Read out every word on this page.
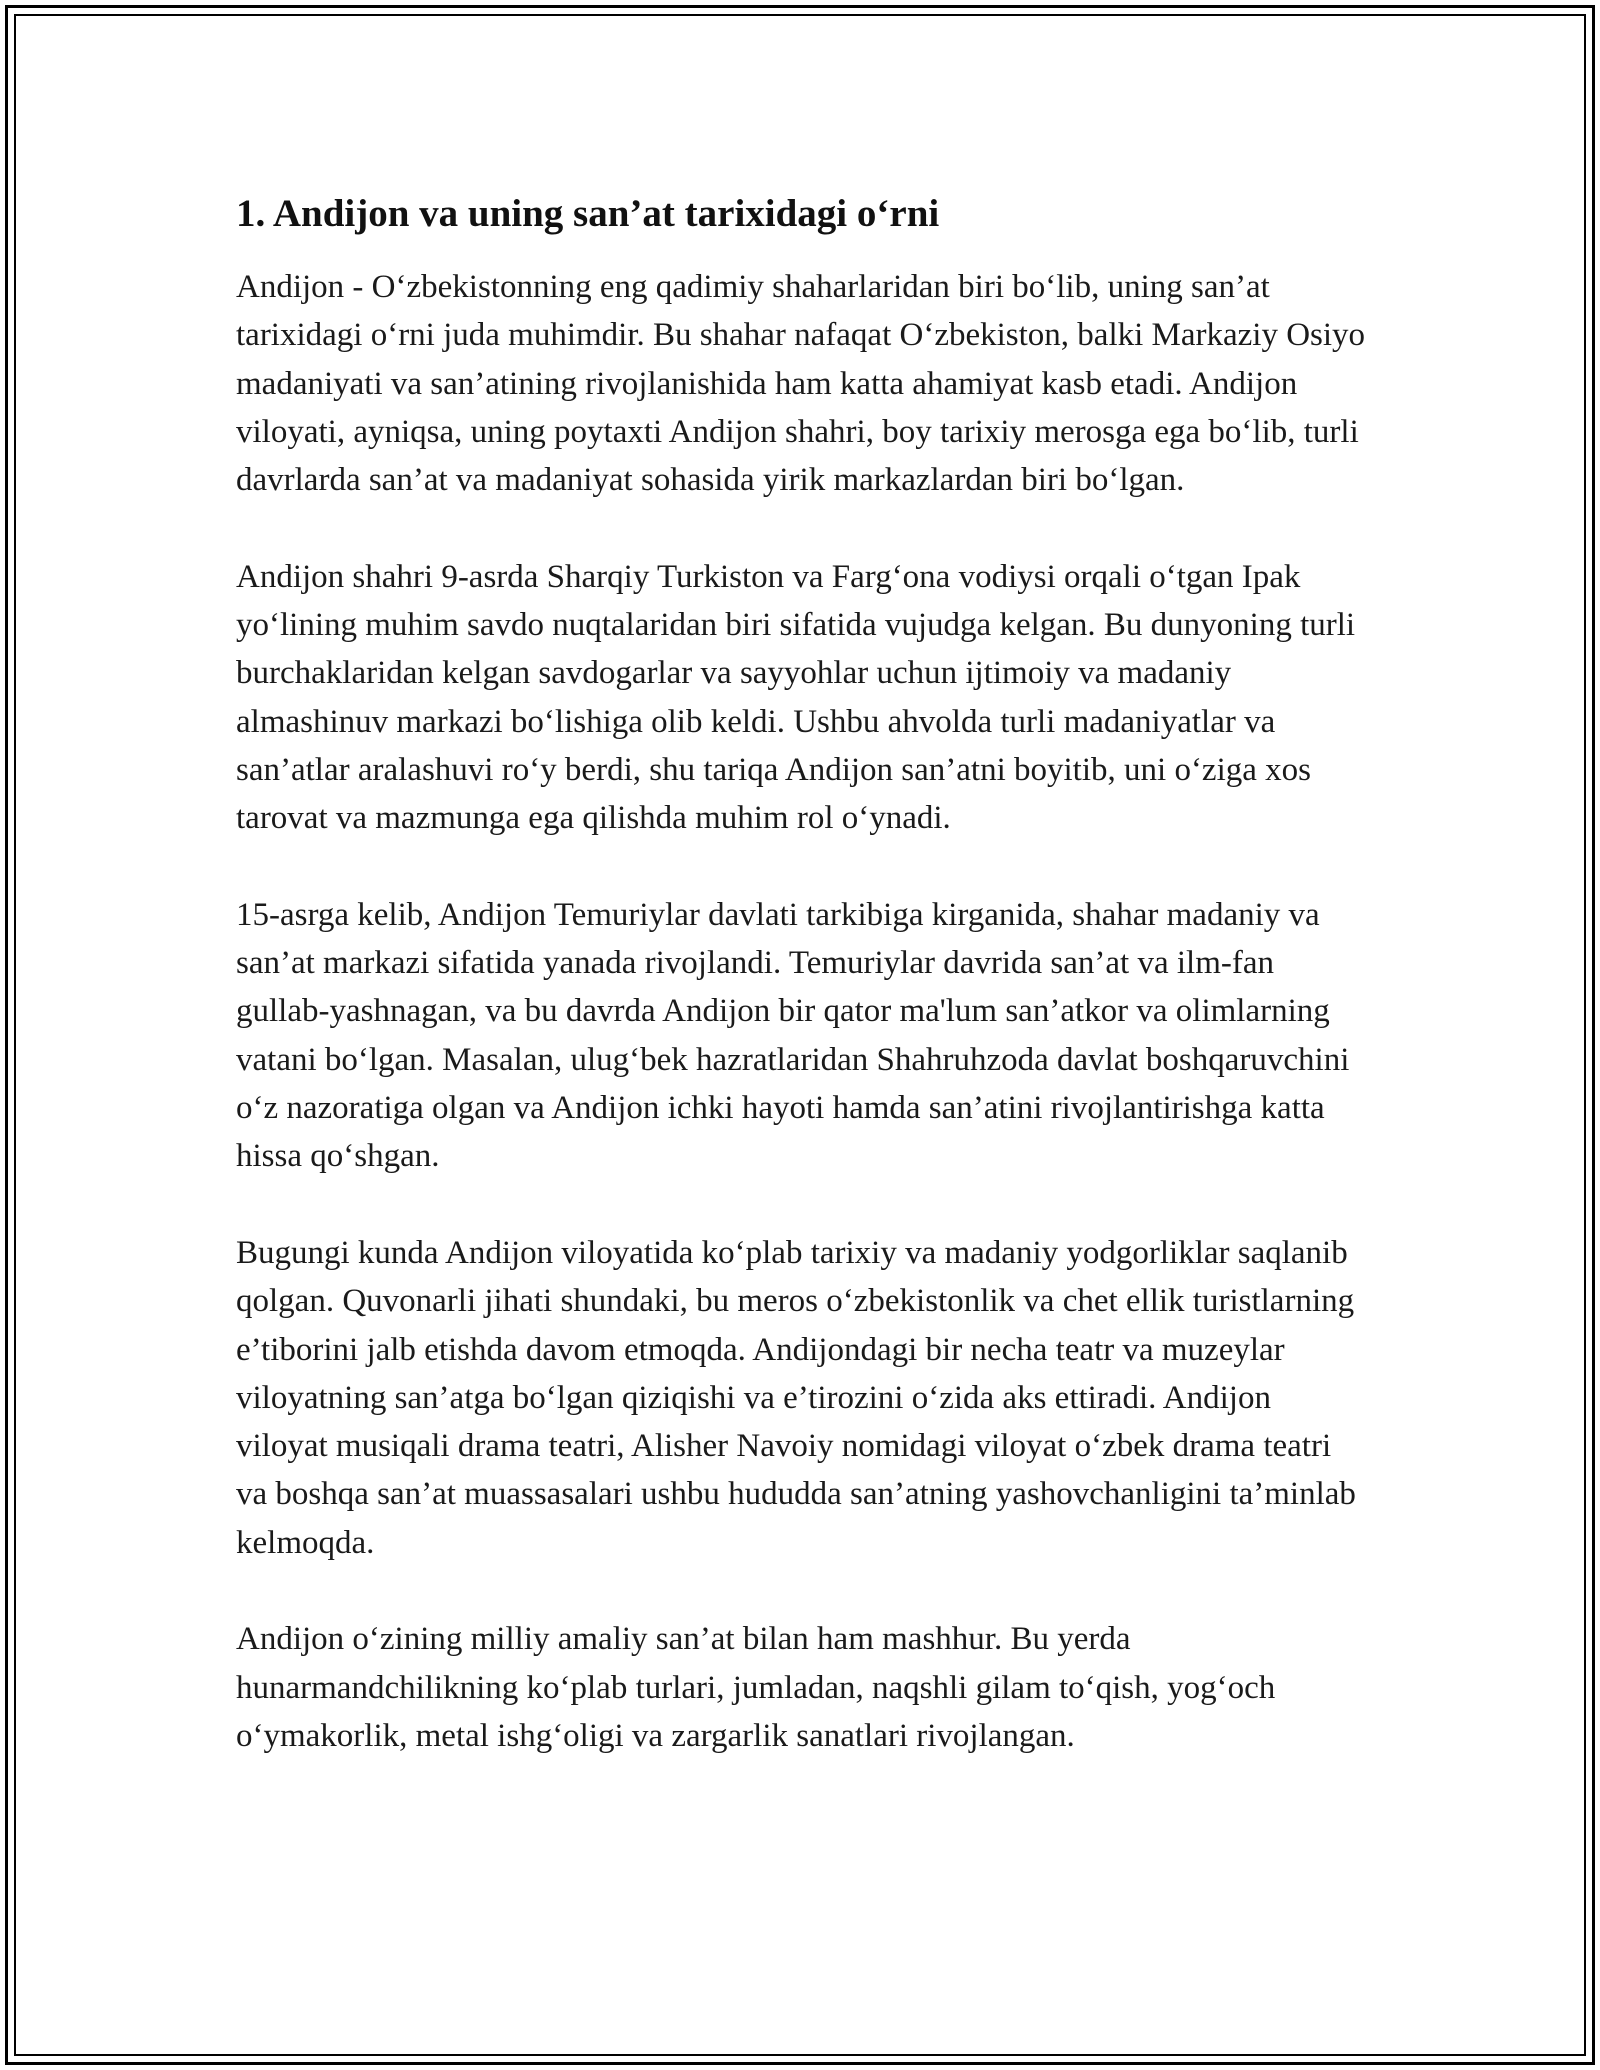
1. Andijon va uning san’at tarixidagi o‘rni

Andijon - O‘zbekistonning eng qadimiy shaharlaridan biri bo‘lib, uning san’at tarixidagi o‘rni juda muhimdir. Bu shahar nafaqat O‘zbekiston, balki Markaziy Osiyo madaniyati va san’atining rivojlanishida ham katta ahamiyat kasb etadi. Andijon viloyati, ayniqsa, uning poytaxti Andijon shahri, boy tarixiy merosga ega bo‘lib, turli davrlarda san’at va madaniyat sohasida yirik markazlardan biri bo‘lgan.

Andijon shahri 9-asrda Sharqiy Turkiston va Farg‘ona vodiysi orqali o‘tgan Ipak yo‘lining muhim savdo nuqtalaridan biri sifatida vujudga kelgan. Bu dunyoning turli burchaklaridan kelgan savdogarlar va sayyohlar uchun ijtimoiy va madaniy almashinuv markazi bo‘lishiga olib keldi. Ushbu ahvolda turli madaniyatlar va san’atlar aralashuvi ro‘y berdi, shu tariqa Andijon san’atni boyitib, uni o‘ziga xos tarovat va mazmunga ega qilishda muhim rol o‘ynadi.

15-asrga kelib, Andijon Temuriylar davlati tarkibiga kirganida, shahar madaniy va san’at markazi sifatida yanada rivojlandi. Temuriylar davrida san’at va ilm-fan gullab-yashnagan, va bu davrda Andijon bir qator ma'lum san’atkor va olimlarning vatani bo‘lgan. Masalan, ulug‘bek hazratlaridan Shahruhzoda davlat boshqaruvchini o‘z nazoratiga olgan va Andijon ichki hayoti hamda san’atini rivojlantirishga katta hissa qo‘shgan.

Bugungi kunda Andijon viloyatida ko‘plab tarixiy va madaniy yodgorliklar saqlanib qolgan. Quvonarli jihati shundaki, bu meros o‘zbekistonlik va chet ellik turistlarning e’tiborini jalb etishda davom etmoqda. Andijondagi bir necha teatr va muzeylar viloyatning san’atga bo‘lgan qiziqishi va e’tirozini o‘zida aks ettiradi. Andijon viloyat musiqali drama teatri, Alisher Navoiy nomidagi viloyat o‘zbek drama teatri va boshqa san’at muassasalari ushbu hududda san’atning yashovchanligini ta’minlab kelmoqda.

Andijon o‘zining milliy amaliy san’at bilan ham mashhur. Bu yerda hunarmandchilikning ko‘plab turlari, jumladan, naqshli gilam to‘qish, yog‘och o‘ymakorlik, metal ishg‘oligi va zargarlik sanatlari rivojlangan.
